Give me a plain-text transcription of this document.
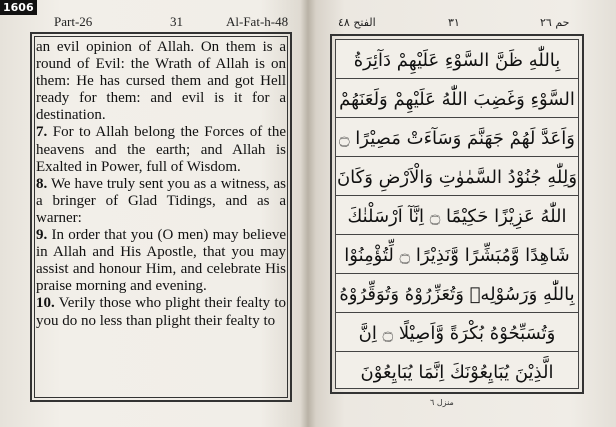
1606
Part-26	31	Al-Fat-h-48

an evil opinion of Allah. On them is a round of Evil: the Wrath of Allah is on them: He has cursed them and got Hell ready for them: and evil is it for a destination.

7. For to Allah belong the Forces of the heavens and the earth; and Allah is Exalted in Power, full of Wisdom.

8. We have truly sent you as a witness, as a bringer of Glad Tidings, and as a warner:

9. In order that you (O men) may believe in Allah and His Apostle, that you may assist and honour Him, and celebrate His praise morning and evening.

10. Verily those who plight their fealty to you do no less than plight their fealty to

الفتح ٤٨	٣١	حم ٢٦
بِاللّٰهِ ظَنَّ السَّوْءِ عَلَيْهِمْ دَآئِرَةُ
السَّوْءِ وَغَضِبَ اللّٰهُ عَلَيْهِمْ وَلَعَنَهُمْ
وَاَعَدَّ لَهُمْ جَهَنَّمَ وَسَآءَتْ مَصِيْرًا ۝
وَلِلّٰهِ جُنُوْدُ السَّمٰوٰتِ وَالْاَرْضِ وَكَانَ
اللّٰهُ عَزِيْزًا حَكِيْمًا ۝ اِنَّآ اَرْسَلْنٰكَ
شَاهِدًا وَّمُبَشِّرًا وَّنَذِيْرًا ۝ لِّتُؤْمِنُوْا
بِاللّٰهِ وَرَسُوْلِهٖ وَتُعَزِّرُوْهُ وَتُوَقِّرُوْهُ
وَتُسَبِّحُوْهُ بُكْرَةً وَّاَصِيْلًا ۝ اِنَّ
الَّذِيْنَ يُبَايِعُوْنَكَ اِنَّمَا يُبَايِعُوْنَ
منزل ٦
